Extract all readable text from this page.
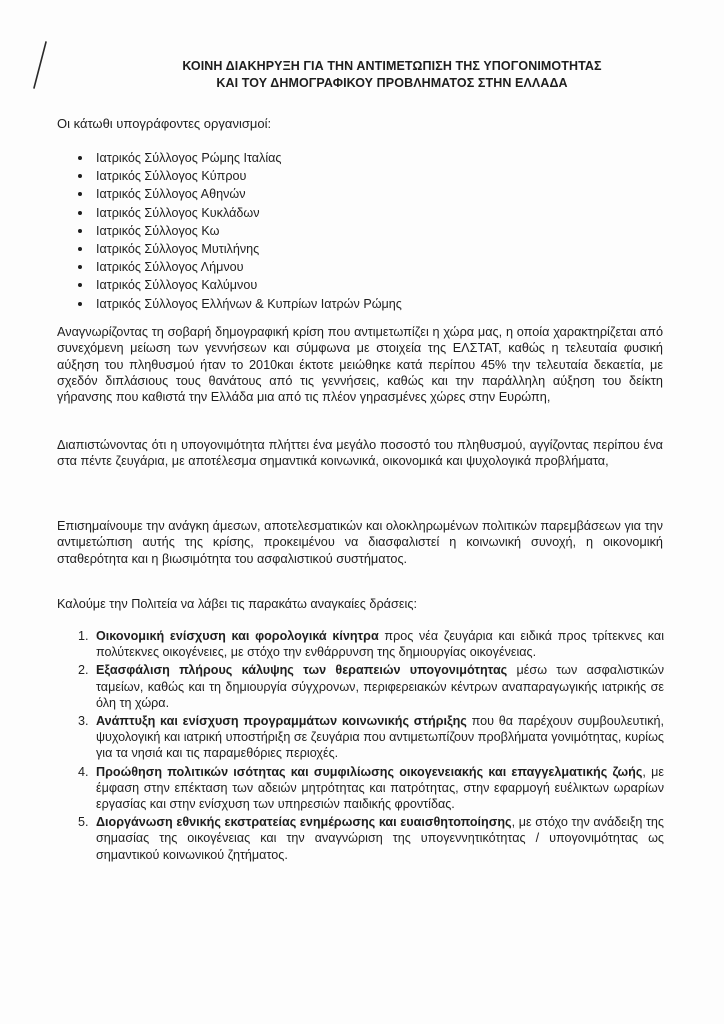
ΚΟΙΝΗ ΔΙΑΚΗΡΥΞΗ ΓΙΑ ΤΗΝ ΑΝΤΙΜΕΤΩΠΙΣΗ ΤΗΣ ΥΠΟΓΟΝΙΜΟΤΗΤΑΣ
ΚΑΙ ΤΟΥ ΔΗΜΟΓΡΑΦΙΚΟΥ ΠΡΟΒΛΗΜΑΤΟΣ ΣΤΗΝ ΕΛΛΑΔΑ
Οι κάτωθι υπογράφοντες οργανισμοί:
Ιατρικός Σύλλογος Ρώμης Ιταλίας
Ιατρικός Σύλλογος Κύπρου
Ιατρικός Σύλλογος Αθηνών
Ιατρικός Σύλλογος Κυκλάδων
Ιατρικός Σύλλογος Κω
Ιατρικός Σύλλογος Μυτιλήνης
Ιατρικός Σύλλογος Λήμνου
Ιατρικός Σύλλογος Καλύμνου
Ιατρικός Σύλλογος Ελλήνων & Κυπρίων Ιατρών Ρώμης

Αναγνωρίζοντας τη σοβαρή δημογραφική κρίση που αντιμετωπίζει η χώρα μας, η οποία χαρακτηρίζεται από συνεχόμενη μείωση των γεννήσεων και σύμφωνα με στοιχεία της ΕΛΣΤΑΤ, καθώς η τελευταία φυσική αύξηση του πληθυσμού ήταν το 2010και έκτοτε μειώθηκε κατά περίπου 45% την τελευταία δεκαετία, με σχεδόν διπλάσιους τους θανάτους από τις γεννήσεις, καθώς και την παράλληλη αύξηση του δείκτη γήρανσης που καθιστά την Ελλάδα μια από τις πλέον γηρασμένες χώρες στην Ευρώπη,

Διαπιστώνοντας ότι η υπογονιμότητα πλήττει ένα μεγάλο ποσοστό του πληθυσμού, αγγίζοντας περίπου ένα στα πέντε ζευγάρια, με αποτέλεσμα σημαντικά κοινωνικά, οικονομικά και ψυχολογικά προβλήματα,

Επισημαίνουμε την ανάγκη άμεσων, αποτελεσματικών και ολοκληρωμένων πολιτικών παρεμβάσεων για την αντιμετώπιση αυτής της κρίσης, προκειμένου να διασφαλιστεί η κοινωνική συνοχή, η οικονομική σταθερότητα και η βιωσιμότητα του ασφαλιστικού συστήματος.

Καλούμε την Πολιτεία να λάβει τις παρακάτω αναγκαίες δράσεις:

1. Οικονομική ενίσχυση και φορολογικά κίνητρα προς νέα ζευγάρια και ειδικά προς τρίτεκνες και πολύτεκνες οικογένειες, με στόχο την ενθάρρυνση της δημιουργίας οικογένειας.
2. Εξασφάλιση πλήρους κάλυψης των θεραπειών υπογονιμότητας μέσω των ασφαλιστικών ταμείων, καθώς και τη δημιουργία σύγχρονων, περιφερειακών κέντρων αναπαραγωγικής ιατρικής σε όλη τη χώρα.
3. Ανάπτυξη και ενίσχυση προγραμμάτων κοινωνικής στήριξης που θα παρέχουν συμβουλευτική, ψυχολογική και ιατρική υποστήριξη σε ζευγάρια που αντιμετωπίζουν προβλήματα γονιμότητας, κυρίως για τα νησιά και τις παραμεθόριες περιοχές.
4. Προώθηση πολιτικών ισότητας και συμφιλίωσης οικογενειακής και επαγγελματικής ζωής, με έμφαση στην επέκταση των αδειών μητρότητας και πατρότητας, στην εφαρμογή ευέλικτων ωραρίων εργασίας και στην ενίσχυση των υπηρεσιών παιδικής φροντίδας.
5. Διοργάνωση εθνικής εκστρατείας ενημέρωσης και ευαισθητοποίησης, με στόχο την ανάδειξη της σημασίας της οικογένειας και την αναγνώριση της υπογεννητικότητας / υπογονιμότητας ως σημαντικού κοινωνικού ζητήματος.
